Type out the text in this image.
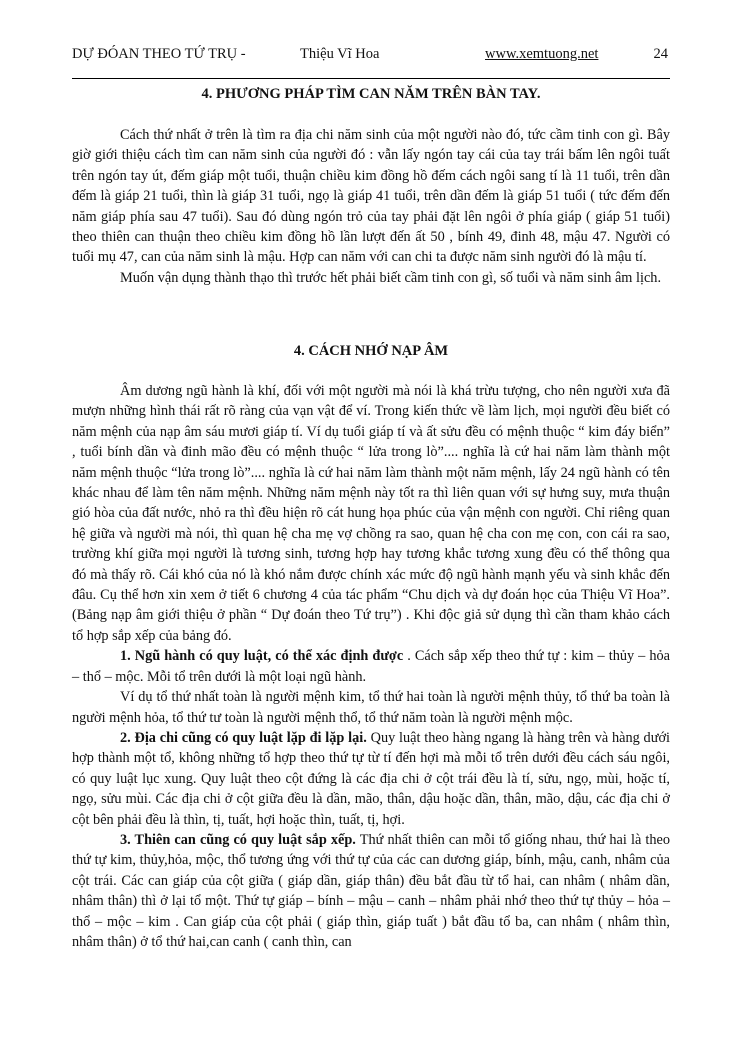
DỰ ĐÓAN THEO TỨ TRỤ -	Thiệu Vĩ Hoa	www.xemtuong.net	24
4. PHƯƠNG PHÁP TÌM CAN NĂM TRÊN BÀN TAY.

Cách thứ nhất ở trên là tìm ra địa chi năm sinh của một người nào đó, tức cầm tinh con gì. Bây giờ giới thiệu cách tìm can năm sinh của người đó : vẫn lấy ngón tay cái của tay trái bấm lên ngôi tuất trên ngón tay út, đếm giáp một tuổi, thuận chiều kim đồng hồ đếm cách ngôi sang tí là 11 tuổi, trên dần đếm là giáp 21 tuổi, thìn là giáp 31 tuổi, ngọ là giáp 41 tuổi, trên dần đếm là giáp 51 tuổi ( tức đếm đến năm giáp phía sau 47 tuổi). Sau đó dùng ngón trỏ của tay phải đặt lên ngôi ở phía giáp ( giáp 51 tuổi) theo thiên can thuận theo chiều kim đồng hồ lần lượt đến ất 50 , bính 49, đinh 48, mậu 47. Người có tuổi mụ 47, can của năm sinh là mậu. Hợp can năm với can chi ta được năm sinh người đó là mậu tí.

Muốn vận dụng thành thạo thì trước hết phải biết cầm tinh con gì, số tuổi và năm sinh âm lịch.

4. CÁCH NHỚ NẠP ÂM

Âm dương ngũ hành là khí, đối với một người mà nói là khá trừu tượng, cho nên người xưa đã mượn những hình thái rất rõ ràng của vạn vật để ví. Trong kiến thức về làm lịch, mọi người đều biết có năm mệnh của nạp âm sáu mươi giáp tí. Ví dụ tuổi giáp tí và ất sửu đều có mệnh thuộc “ kim đáy biển” , tuổi bính dần và đinh mão đều có mệnh thuộc “ lửa trong lò”.... nghĩa là cứ hai năm làm thành một năm mệnh thuộc “lửa trong lò”.... nghĩa là cứ hai năm làm thành một năm mệnh, lấy 24 ngũ hành có tên khác nhau để làm tên năm mệnh. Những năm mệnh này tốt ra thì liên quan với sự hưng suy, mưa thuận gió hòa của đất nước, nhỏ ra thì đều hiện rõ cát hung họa phúc của vận mệnh con người. Chỉ riêng quan hệ giữa và người mà nói, thì quan hệ cha mẹ vợ chồng ra sao, quan hệ cha con mẹ con, con cái ra sao, trường khí giữa mọi người là tương sinh, tương hợp hay tương khắc tương xung đều có thể thông qua đó mà thấy rõ. Cái khó của nó là khó nắm được chính xác mức độ ngũ hành mạnh yếu và sinh khắc đến đâu. Cụ thể hơn xin xem ở tiết 6 chương 4 của tác phẩm “Chu dịch và dự đoán học của Thiệu Vĩ Hoa”. (Bảng nạp âm giới thiệu ở phần “ Dự đoán theo Tứ trụ”) . Khi độc giả sử dụng thì cần tham khảo cách tổ hợp sắp xếp của bảng đó.

1. Ngũ hành có quy luật, có thể xác định được . Cách sắp xếp theo thứ tự : kim – thủy – hỏa – thổ – mộc. Mỗi tổ trên dưới là một loại ngũ hành.

Ví dụ tổ thứ nhất toàn là người mệnh kim, tổ thứ hai toàn là người mệnh thủy, tổ thứ ba toàn là người mệnh hỏa, tổ thứ tư toàn là người mệnh thổ, tổ thứ năm toàn là người mệnh mộc.

2. Địa chi cũng có quy luật lặp đi lặp lại. Quy luật theo hàng ngang là hàng trên và hàng dưới hợp thành một tổ, không những tổ hợp theo thứ tự từ tí đến hợi mà mỗi tổ trên dưới đều cách sáu ngôi, có quy luật lục xung. Quy luật theo cột đứng là các địa chi ở cột trái đều là tí, sửu, ngọ, mùi, hoặc tí, ngọ, sửu mùi. Các địa chi ở cột giữa đều là dần, mão, thân, dậu hoặc dần, thân, mão, dậu, các địa chi ở cột bên phải đều là thìn, tị, tuất, hợi hoặc thìn, tuất, tị, hợi.

3. Thiên can cũng có quy luật sắp xếp. Thứ nhất thiên can mỗi tổ giống nhau, thứ hai là theo thứ tự kim, thủy,hỏa, mộc, thổ tương ứng với thứ tự của các can dương giáp, bính, mậu, canh, nhâm của cột trái. Các can giáp của cột giữa ( giáp dần, giáp thân) đều bắt đầu từ tổ hai, can nhâm ( nhâm dần, nhâm thân) thì ở lại tổ một. Thứ tự giáp – bính – mậu – canh – nhâm phải nhớ theo thứ tự thủy – hỏa – thổ – mộc – kim . Can giáp của cột phải ( giáp thìn, giáp tuất ) bắt đầu tổ ba, can nhâm ( nhâm thìn, nhâm thân) ở tổ thứ hai,can canh ( canh thìn, can
